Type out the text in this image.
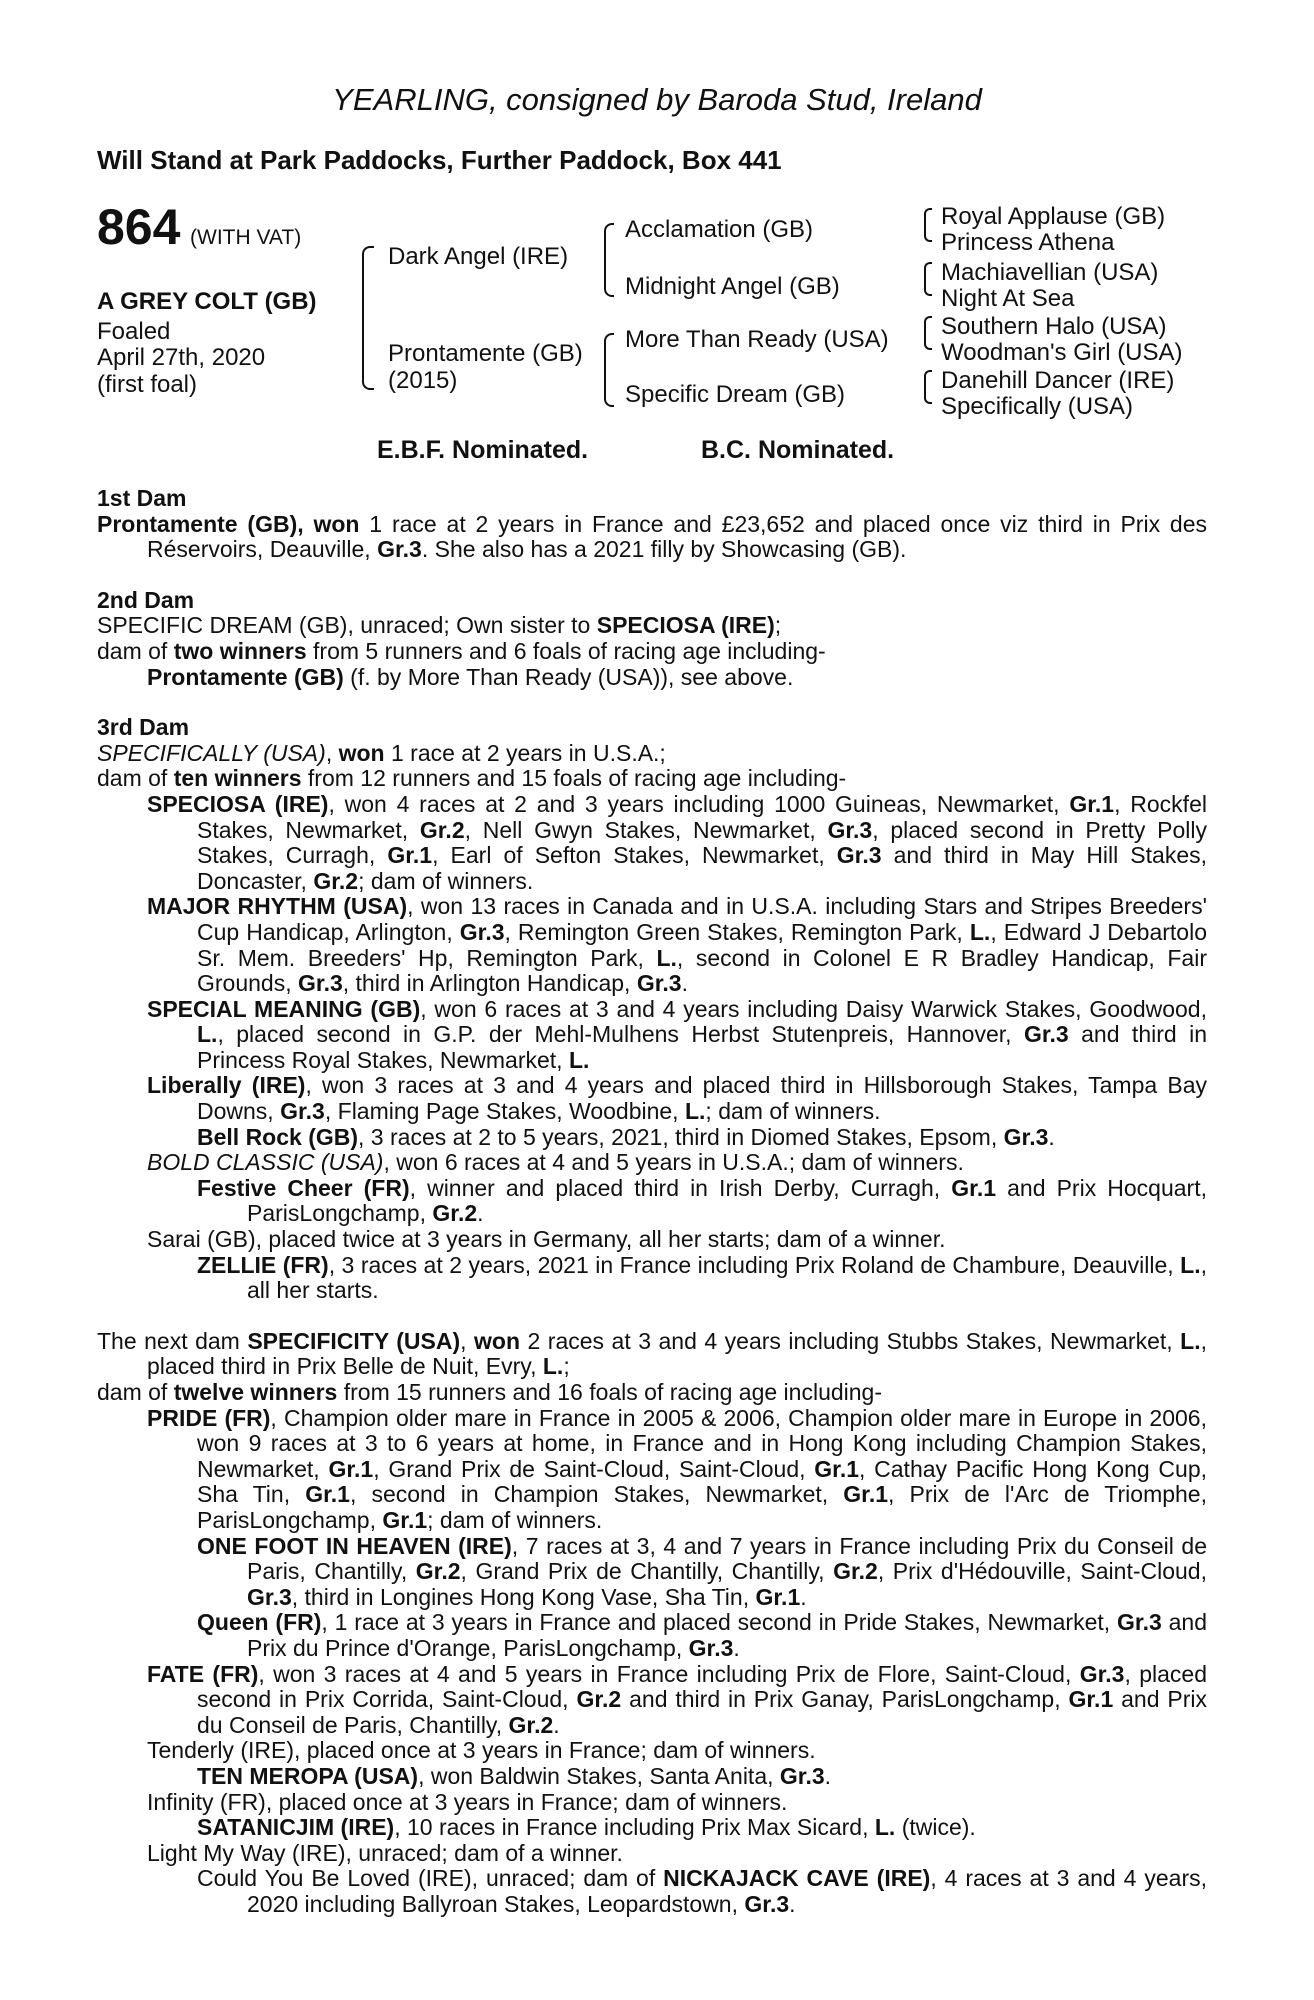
YEARLING, consigned by Baroda Stud, Ireland
Will Stand at Park Paddocks, Further Paddock, Box 441
864 (WITH VAT)
A GREY COLT (GB)
Foaled
April 27th, 2020
(first foal)
Dark Angel (IRE)
Prontamente (GB)
(2015)
Acclamation (GB)
Midnight Angel (GB)
More Than Ready (USA)
Specific Dream (GB)
Royal Applause (GB)
Princess Athena
Machiavellian (USA)
Night At Sea
Southern Halo (USA)
Woodman's Girl (USA)
Danehill Dancer (IRE)
Specifically (USA)
E.B.F. Nominated.	B.C. Nominated.

1st Dam

Prontamente (GB), won 1 race at 2 years in France and £23,652 and placed once viz third in Prix des Réservoirs, Deauville, Gr.3. She also has a 2021 filly by Showcasing (GB).

2nd Dam

SPECIFIC DREAM (GB), unraced; Own sister to SPECIOSA (IRE);

dam of two winners from 5 runners and 6 foals of racing age including-

Prontamente (GB) (f. by More Than Ready (USA)), see above.

3rd Dam

SPECIFICALLY (USA), won 1 race at 2 years in U.S.A.;

dam of ten winners from 12 runners and 15 foals of racing age including-

SPECIOSA (IRE), won 4 races at 2 and 3 years including 1000 Guineas, Newmarket, Gr.1, Rockfel Stakes, Newmarket, Gr.2, Nell Gwyn Stakes, Newmarket, Gr.3, placed second in Pretty Polly Stakes, Curragh, Gr.1, Earl of Sefton Stakes, Newmarket, Gr.3 and third in May Hill Stakes, Doncaster, Gr.2; dam of winners.

MAJOR RHYTHM (USA), won 13 races in Canada and in U.S.A. including Stars and Stripes Breeders' Cup Handicap, Arlington, Gr.3, Remington Green Stakes, Remington Park, L., Edward J Debartolo Sr. Mem. Breeders' Hp, Remington Park, L., second in Colonel E R Bradley Handicap, Fair Grounds, Gr.3, third in Arlington Handicap, Gr.3.

SPECIAL MEANING (GB), won 6 races at 3 and 4 years including Daisy Warwick Stakes, Goodwood, L., placed second in G.P. der Mehl-Mulhens Herbst Stutenpreis, Hannover, Gr.3 and third in Princess Royal Stakes, Newmarket, L.

Liberally (IRE), won 3 races at 3 and 4 years and placed third in Hillsborough Stakes, Tampa Bay Downs, Gr.3, Flaming Page Stakes, Woodbine, L.; dam of winners.

Bell Rock (GB), 3 races at 2 to 5 years, 2021, third in Diomed Stakes, Epsom, Gr.3.

BOLD CLASSIC (USA), won 6 races at 4 and 5 years in U.S.A.; dam of winners.

Festive Cheer (FR), winner and placed third in Irish Derby, Curragh, Gr.1 and Prix Hocquart, ParisLongchamp, Gr.2.

Sarai (GB), placed twice at 3 years in Germany, all her starts; dam of a winner.

ZELLIE (FR), 3 races at 2 years, 2021 in France including Prix Roland de Chambure, Deauville, L., all her starts.

The next dam SPECIFICITY (USA), won 2 races at 3 and 4 years including Stubbs Stakes, Newmarket, L., placed third in Prix Belle de Nuit, Evry, L.;

dam of twelve winners from 15 runners and 16 foals of racing age including-

PRIDE (FR), Champion older mare in France in 2005 & 2006, Champion older mare in Europe in 2006, won 9 races at 3 to 6 years at home, in France and in Hong Kong including Champion Stakes, Newmarket, Gr.1, Grand Prix de Saint-Cloud, Saint-Cloud, Gr.1, Cathay Pacific Hong Kong Cup, Sha Tin, Gr.1, second in Champion Stakes, Newmarket, Gr.1, Prix de l'Arc de Triomphe, ParisLongchamp, Gr.1; dam of winners.

ONE FOOT IN HEAVEN (IRE), 7 races at 3, 4 and 7 years in France including Prix du Conseil de Paris, Chantilly, Gr.2, Grand Prix de Chantilly, Chantilly, Gr.2, Prix d'Hédouville, Saint-Cloud, Gr.3, third in Longines Hong Kong Vase, Sha Tin, Gr.1.

Queen (FR), 1 race at 3 years in France and placed second in Pride Stakes, Newmarket, Gr.3 and Prix du Prince d'Orange, ParisLongchamp, Gr.3.

FATE (FR), won 3 races at 4 and 5 years in France including Prix de Flore, Saint-Cloud, Gr.3, placed second in Prix Corrida, Saint-Cloud, Gr.2 and third in Prix Ganay, ParisLongchamp, Gr.1 and Prix du Conseil de Paris, Chantilly, Gr.2.

Tenderly (IRE), placed once at 3 years in France; dam of winners.

TEN MEROPA (USA), won Baldwin Stakes, Santa Anita, Gr.3.

Infinity (FR), placed once at 3 years in France; dam of winners.

SATANICJIM (IRE), 10 races in France including Prix Max Sicard, L. (twice).

Light My Way (IRE), unraced; dam of a winner.

Could You Be Loved (IRE), unraced; dam of NICKAJACK CAVE (IRE), 4 races at 3 and 4 years, 2020 including Ballyroan Stakes, Leopardstown, Gr.3.
